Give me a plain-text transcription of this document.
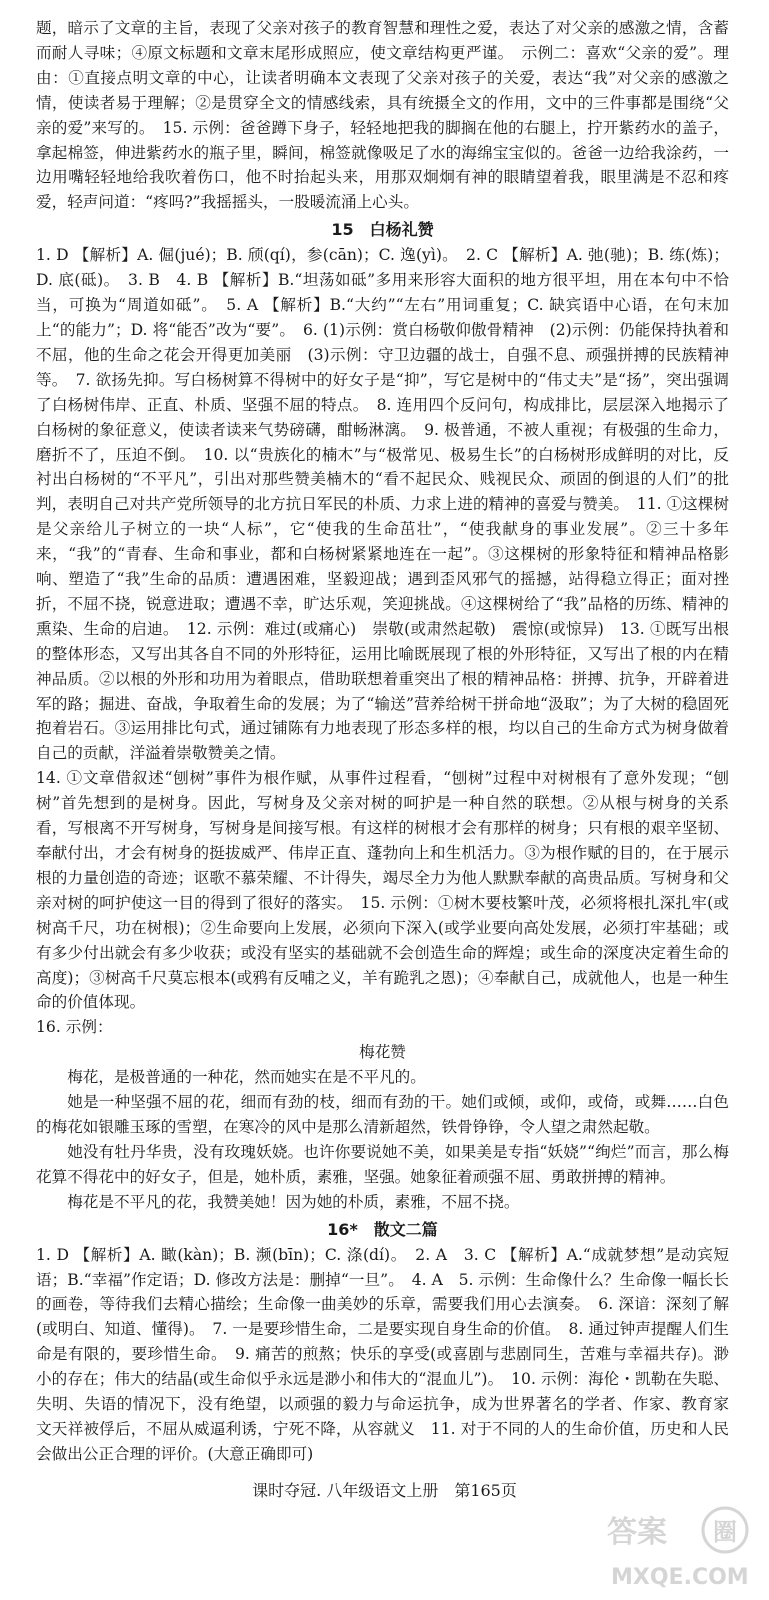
题，暗示了文章的主旨，表现了父亲对孩子的教育智慧和理性之爱，表达了对父亲的感激之情，含蓄而耐人寻味；④原文标题和文章末尾形成照应，使文章结构更严谨。　示例二：喜欢“父亲的爱”。理由：①直接点明文章的中心，让读者明确本文表现了父亲对孩子的关爱，表达“我”对父亲的感激之情，使读者易于理解；②是贯穿全文的情感线索，具有统摄全文的作用，文中的三件事都是围绕“父亲的爱”来写的。　15. 示例：爸爸蹲下身子，轻轻地把我的脚搁在他的右腿上，拧开紫药水的盖子，拿起棉签，伸进紫药水的瓶子里，瞬间，棉签就像吸足了水的海绵宝宝似的。爸爸一边给我涂药，一边用嘴轻轻地给我吹着伤口，他不时抬起头来，用那双炯炯有神的眼睛望着我，眼里满是不忍和疼爱，轻声问道：“疼吗?”我摇摇头，一股暖流涌上心头。

15　白杨礼赞

1. D 【解析】A. 倔(jué)；B. 颀(qí)，参(cān)；C. 逸(yì)。　2. C 【解析】A. 弛(驰)；B. 练(炼)；D. 底(砥)。　3. B　4. B 【解析】B.“坦荡如砥”多用来形容大面积的地方很平坦，用在本句中不恰当，可换为“周道如砥”。　5. A 【解析】B.“大约”“左右”用词重复；C. 缺宾语中心语，在句末加上“的能力”；D. 将“能否”改为“要”。　6. (1)示例：赏白杨敬仰傲骨精神　(2)示例：仍能保持执着和不屈，他的生命之花会开得更加美丽　(3)示例：守卫边疆的战士，自强不息、顽强拼搏的民族精神等。　7. 欲扬先抑。写白杨树算不得树中的好女子是“抑”，写它是树中的“伟丈夫”是“扬”，突出强调了白杨树伟岸、正直、朴质、坚强不屈的特点。　8. 连用四个反问句，构成排比，层层深入地揭示了白杨树的象征意义，使读者读来气势磅礴，酣畅淋漓。　9. 极普通，不被人重视；有极强的生命力，磨折不了，压迫不倒。　10. 以“贵族化的楠木”与“极常见、极易生长”的白杨树形成鲜明的对比，反衬出白杨树的“不平凡”，引出对那些赞美楠木的“看不起民众、贱视民众、顽固的倒退的人们”的批判，表明自己对共产党所领导的北方抗日军民的朴质、力求上进的精神的喜爱与赞美。　11. ①这棵树是父亲给儿子树立的一块“人标”，它“使我的生命茁壮”，“使我献身的事业发展”。②三十多年来，“我”的“青春、生命和事业，都和白杨树紧紧地连在一起”。③这棵树的形象特征和精神品格影响、塑造了“我”生命的品质：遭遇困难，坚毅迎战；遇到歪风邪气的摇撼，站得稳立得正；面对挫折，不屈不挠，锐意进取；遭遇不幸，旷达乐观，笑迎挑战。④这棵树给了“我”品格的历练、精神的熏染、生命的启迪。　12. 示例：难过(或痛心)　崇敬(或肃然起敬)　震惊(或惊异)　13. ①既写出根的整体形态，又写出其各自不同的外形特征，运用比喻既展现了根的外形特征，又写出了根的内在精神品质。②以根的外形和功用为着眼点，借助联想着重突出了根的精神品格：拼搏、抗争，开辟着进军的路；掘进、奋战，争取着生命的发展；为了“输送”营养给树干拼命地“汲取”；为了大树的稳固死抱着岩石。③运用排比句式，通过铺陈有力地表现了形态多样的根，均以自己的生命方式为树身做着自己的贡献，洋溢着崇敬赞美之情。

14. ①文章借叙述“刨树”事件为根作赋，从事件过程看，“刨树”过程中对树根有了意外发现；“刨树”首先想到的是树身。因此，写树身及父亲对树的呵护是一种自然的联想。②从根与树身的关系看，写根离不开写树身，写树身是间接写根。有这样的树根才会有那样的树身；只有根的艰辛坚韧、奉献付出，才会有树身的挺拔威严、伟岸正直、蓬勃向上和生机活力。③为根作赋的目的，在于展示根的力量创造的奇迹；讴歌不慕荣耀、不计得失，竭尽全力为他人默默奉献的高贵品质。写树身和父亲对树的呵护使这一目的得到了很好的落实。　15. 示例：①树木要枝繁叶茂，必须将根扎深扎牢(或树高千尺，功在树根)；②生命要向上发展，必须向下深入(或学业要向高处发展，必须打牢基础；或有多少付出就会有多少收获；或没有坚实的基础就不会创造生命的辉煌；或生命的深度决定着生命的高度)；③树高千尺莫忘根本(或鸦有反哺之义，羊有跪乳之恩)；④奉献自己，成就他人，也是一种生命的价值体现。

16. 示例：

梅花赞

梅花，是极普通的一种花，然而她实在是不平凡的。

她是一种坚强不屈的花，细而有劲的枝，细而有劲的干。她们或倾，或仰，或倚，或舞……白色的梅花如银雕玉琢的雪塑，在寒冷的风中是那么清新超然，铁骨铮铮，令人望之肃然起敬。

她没有牡丹华贵，没有玫瑰妖娆。也许你要说她不美，如果美是专指“妖娆”“绚烂”而言，那么梅花算不得花中的好女子，但是，她朴质，素雅，坚强。她象征着顽强不屈、勇敢拼搏的精神。

梅花是不平凡的花，我赞美她！因为她的朴质，素雅，不屈不挠。

16*　散文二篇

1. D 【解析】A. 瞰(kàn)；B. 濒(bīn)；C. 涤(dí)。　2. A　3. C 【解析】A.“成就梦想”是动宾短语；B.“幸福”作定语；D. 修改方法是：删掉“一旦”。　4. A　5. 示例：生命像什么？生命像一幅长长的画卷，等待我们去精心描绘；生命像一曲美妙的乐章，需要我们用心去演奏。　6. 深谙：深刻了解(或明白、知道、懂得)。　7. 一是要珍惜生命，二是要实现自身生命的价值。　8. 通过钟声提醒人们生命是有限的，要珍惜生命。　9. 痛苦的煎熬；快乐的享受(或喜剧与悲剧同生，苦难与幸福共存)。渺小的存在；伟大的结晶(或生命似乎永远是渺小和伟大的“混血儿”)。　10. 示例：海伦・凯勒在失聪、失明、失语的情况下，没有绝望，以顽强的毅力与命运抗争，成为世界著名的学者、作家、教育家　文天祥被俘后，不屈从威逼利诱，宁死不降，从容就义　11. 对于不同的人的生命价值，历史和人民会做出公正合理的评价。(大意正确即可)

课时夺冠. 八年级语文上册　第165页
答案 圈
MXQE.COM
